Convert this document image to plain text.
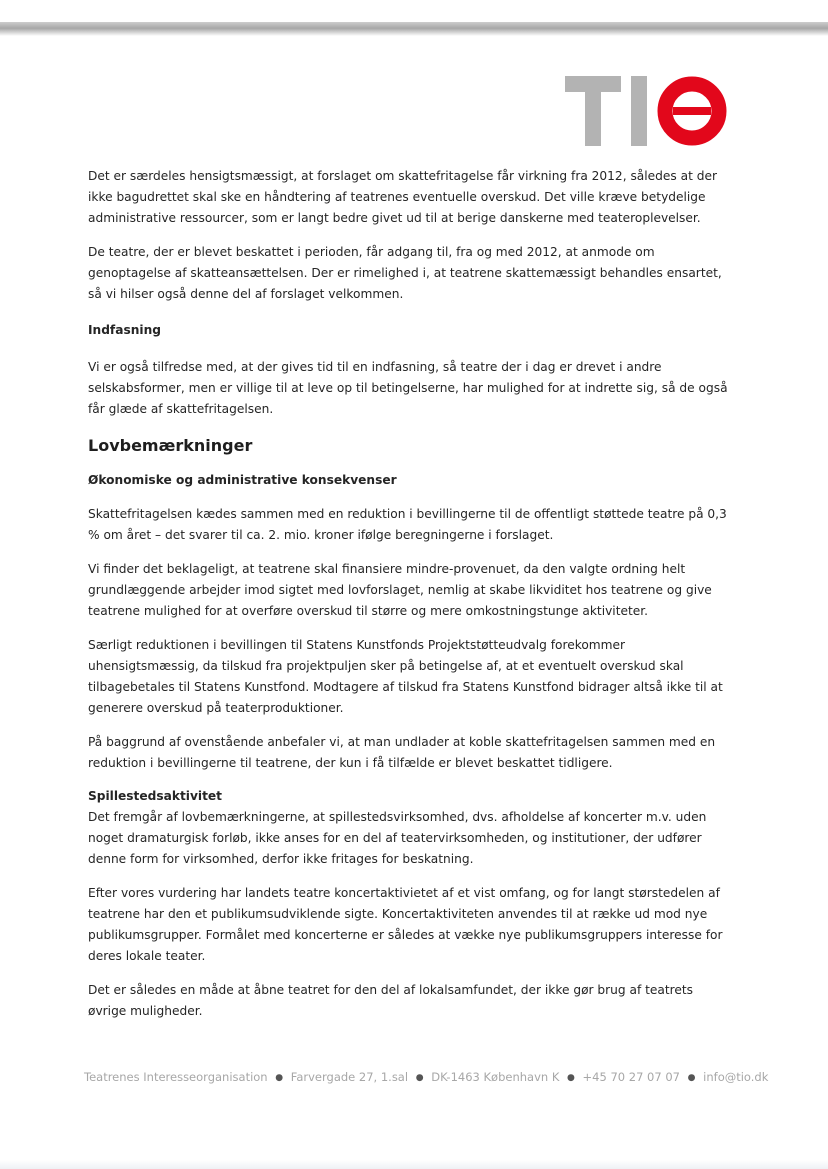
Det er særdeles hensigtsmæssigt, at forslaget om skattefritagelse får virkning fra 2012, således at der ikke bagudrettet skal ske en håndtering af teatrenes eventuelle overskud. Det ville kræve betydelige administrative ressourcer, som er langt bedre givet ud til at berige danskerne med teateroplevelser.

De teatre, der er blevet beskattet i perioden, får adgang til, fra og med 2012, at anmode om genoptagelse af skatteansættelsen. Der er rimelighed i, at teatrene skattemæssigt behandles ensartet, så vi hilser også denne del af forslaget velkommen.

Indfasning

Vi er også tilfredse med, at der gives tid til en indfasning, så teatre der i dag er drevet i andre selskabsformer, men er villige til at leve op til betingelserne, har mulighed for at indrette sig, så de også får glæde af skattefritagelsen.

Lovbemærkninger

Økonomiske og administrative konsekvenser

Skattefritagelsen kædes sammen med en reduktion i bevillingerne til de offentligt støttede teatre på 0,3 % om året – det svarer til ca. 2. mio. kroner ifølge beregningerne i forslaget.

Vi finder det beklageligt, at teatrene skal finansiere mindre-provenuet, da den valgte ordning helt grundlæggende arbejder imod sigtet med lovforslaget, nemlig at skabe likviditet hos teatrene og give teatrene mulighed for at overføre overskud til større og mere omkostningstunge aktiviteter.

Særligt reduktionen i bevillingen til Statens Kunstfonds Projektstøtteudvalg forekommer uhensigtsmæssig, da tilskud fra projektpuljen sker på betingelse af, at et eventuelt overskud skal tilbagebetales til Statens Kunstfond. Modtagere af tilskud fra Statens Kunstfond bidrager altså ikke til at generere overskud på teaterproduktioner.

På baggrund af ovenstående anbefaler vi, at man undlader at koble skattefritagelsen sammen med en reduktion i bevillingerne til teatrene, der kun i få tilfælde er blevet beskattet tidligere.

Spillestedsaktivitet

Det fremgår af lovbemærkningerne, at spillestedsvirksomhed, dvs. afholdelse af koncerter m.v. uden noget dramaturgisk forløb, ikke anses for en del af teatervirksomheden, og institutioner, der udfører denne form for virksomhed, derfor ikke fritages for beskatning.

Efter vores vurdering har landets teatre koncertaktivietet af et vist omfang, og for langt størstedelen af teatrene har den et publikumsudviklende sigte. Koncertaktiviteten anvendes til at række ud mod nye publikumsgrupper. Formålet med koncerterne er således at vække nye publikumsgruppers interesse for deres lokale teater.

Det er således en måde at åbne teatret for den del af lokalsamfundet, der ikke gør brug af teatrets øvrige muligheder.

Teatrenes Interesseorganisation ● Farvergade 27, 1.sal ● DK-1463 København K ● +45 70 27 07 07 ● info@tio.dk
